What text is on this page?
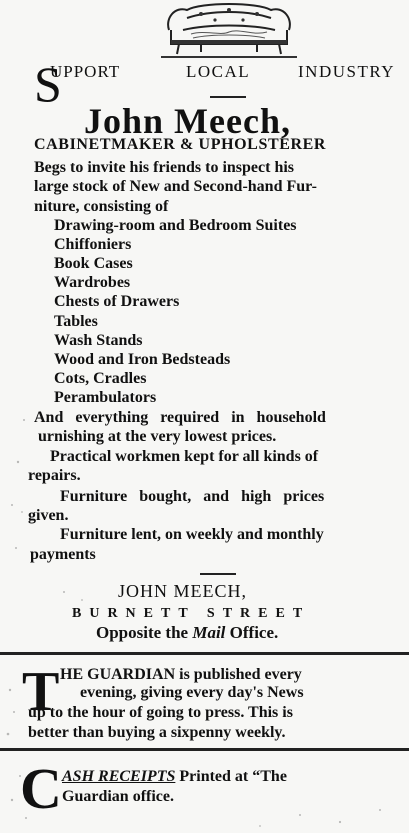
S
UPPORT	LOCAL	INDUSTRY
John Meech,
CABINETMAKER & UPHOLSTERER
Begs to invite his friends to inspect his
large stock of New and Second-hand Fur-
niture, consisting of
Drawing-room and Bedroom Suites
Chiffoniers
Book Cases
Wardrobes
Chests of Drawers
Tables
Wash Stands
Wood and Iron Bedsteads
Cots, Cradles
Perambulators
And everything required in household
urnishing at the very lowest prices.
Practical workmen kept for all kinds of
repairs.
Furniture bought, and high prices
given.
Furniture lent, on weekly and monthly
payments
JOHN MEECH,
BURNETT STREET
Opposite the Mail Office.
T HE GUARDIAN is published every
evening, giving every day's News
up to the hour of going to press. This is
better than buying a sixpenny weekly.
C ASH RECEIPTS Printed at “The
Guardian office.
